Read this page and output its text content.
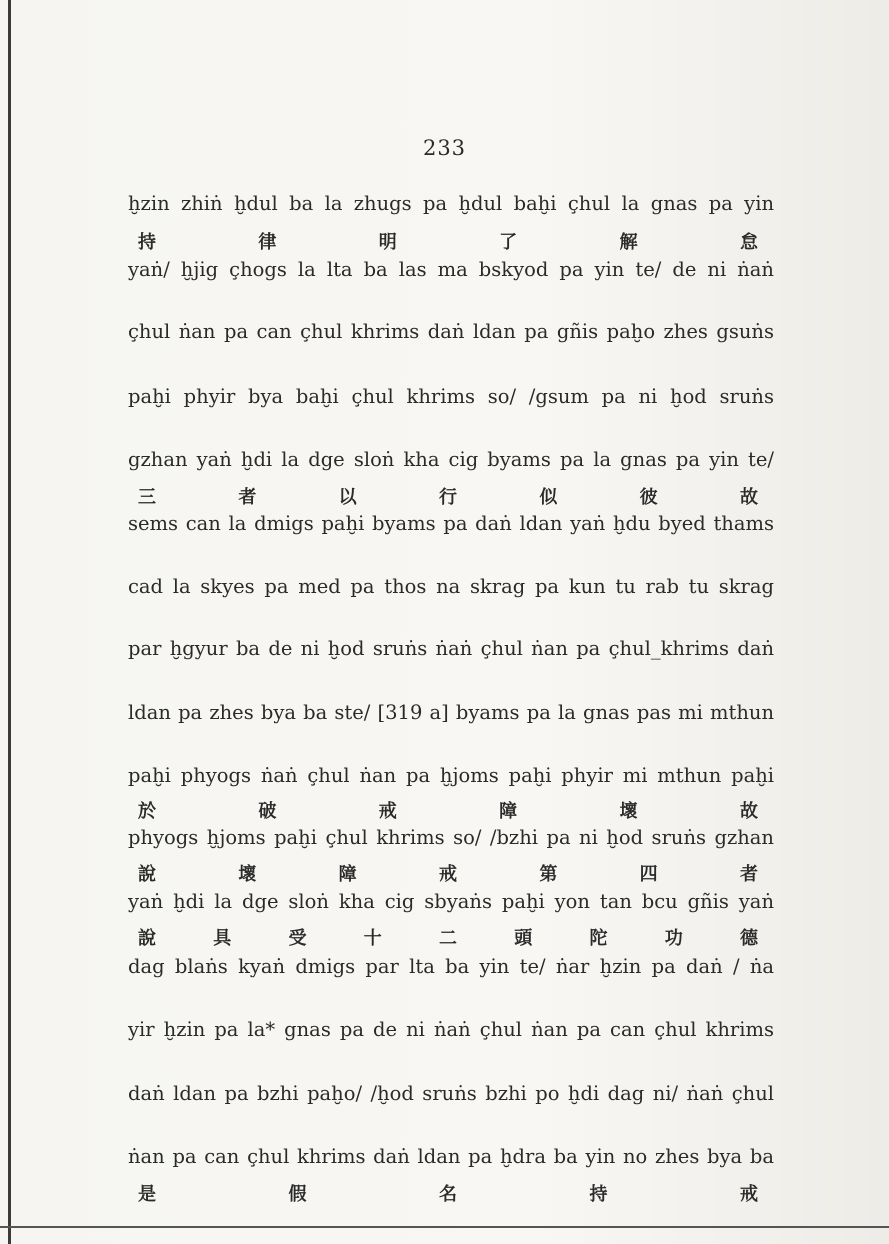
233
ḫzin zhiṅ ḫdul ba la zhugs pa ḫdul baḫi çhul la gnas pa yin
持	律	明	了	解	怠
yaṅ/ ḫjig çhogs la lta ba las ma bskyod pa yin te/ de ni ṅaṅ
çhul ṅan pa can çhul khrims daṅ ldan pa gñis paḫo zhes gsuṅs
paḫi phyir bya baḫi çhul khrims so/ /gsum pa ni ḫod sruṅs
gzhan yaṅ ḫdi la dge sloṅ kha cig byams pa la gnas pa yin te/
三	者	以	行	似	彼	故
sems can la dmigs paḫi byams pa daṅ ldan yaṅ ḫdu byed thams
cad la skyes pa med pa thos na skrag pa kun tu rab tu skrag
par ḫgyur ba de ni ḫod sruṅs ṅaṅ çhul ṅan pa çhul_khrims daṅ
ldan pa zhes bya ba ste/ [319 a] byams pa la gnas pas mi mthun
paḫi phyogs ṅaṅ çhul ṅan pa ḫjoms paḫi phyir mi mthun paḫi
於	破	戒	障	壞	故
phyogs ḫjoms paḫi çhul khrims so/ /bzhi pa ni ḫod sruṅs gzhan
說	壞	障	戒	第	四	者
yaṅ ḫdi la dge sloṅ kha cig sbyaṅs paḫi yon tan bcu gñis yaṅ
說	具	受	十	二	頭	陀	功	德
dag blaṅs kyaṅ dmigs par lta ba yin te/ ṅar ḫzin pa daṅ / ṅa
yir ḫzin pa la* gnas pa de ni ṅaṅ çhul ṅan pa can çhul khrims
daṅ ldan pa bzhi paḫo/ /ḫod sruṅs bzhi po ḫdi dag ni/ ṅaṅ çhul
ṅan pa can çhul khrims daṅ ldan pa ḫdra ba yin no zhes bya ba
是	假	名	持	戒
